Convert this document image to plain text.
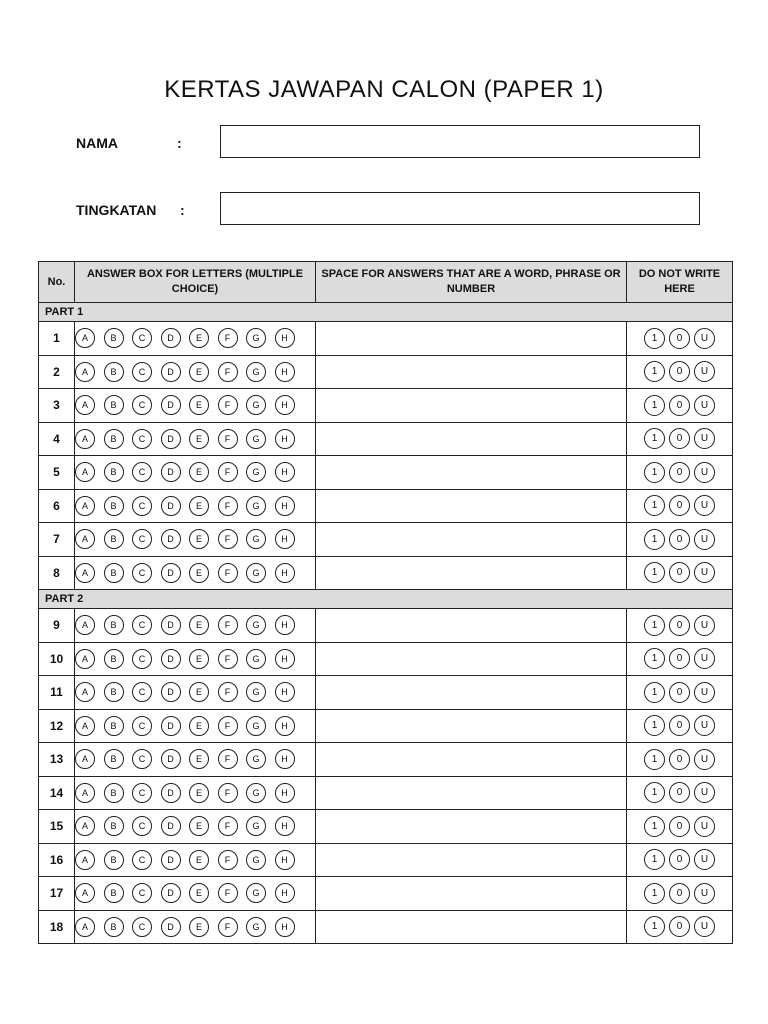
KERTAS JAWAPAN CALON (PAPER 1)
NAMA	:
TINGKATAN :
No.	ANSWER BOX FOR LETTERS (MULTIPLE CHOICE)	SPACE FOR ANSWERS THAT ARE A WORD, PHRASE OR NUMBER	DO NOT WRITE HERE
PART 1			
1	A B C D E F G H		1 0 U
2	A B C D E F G H		1 0 U
3	A B C D E F G H		1 0 U
4	A B C D E F G H		1 0 U
5	A B C D E F G H		1 0 U
6	A B C D E F G H		1 0 U
7	A B C D E F G H		1 0 U
8	A B C D E F G H		1 0 U
PART 2			
9	A B C D E F G H		1 0 U
10	A B C D E F G H		1 0 U
11	A B C D E F G H		1 0 U
12	A B C D E F G H		1 0 U
13	A B C D E F G H		1 0 U
14	A B C D E F G H		1 0 U
15	A B C D E F G H		1 0 U
16	A B C D E F G H		1 0 U
17	A B C D E F G H		1 0 U
18	A B C D E F G H		1 0 U
